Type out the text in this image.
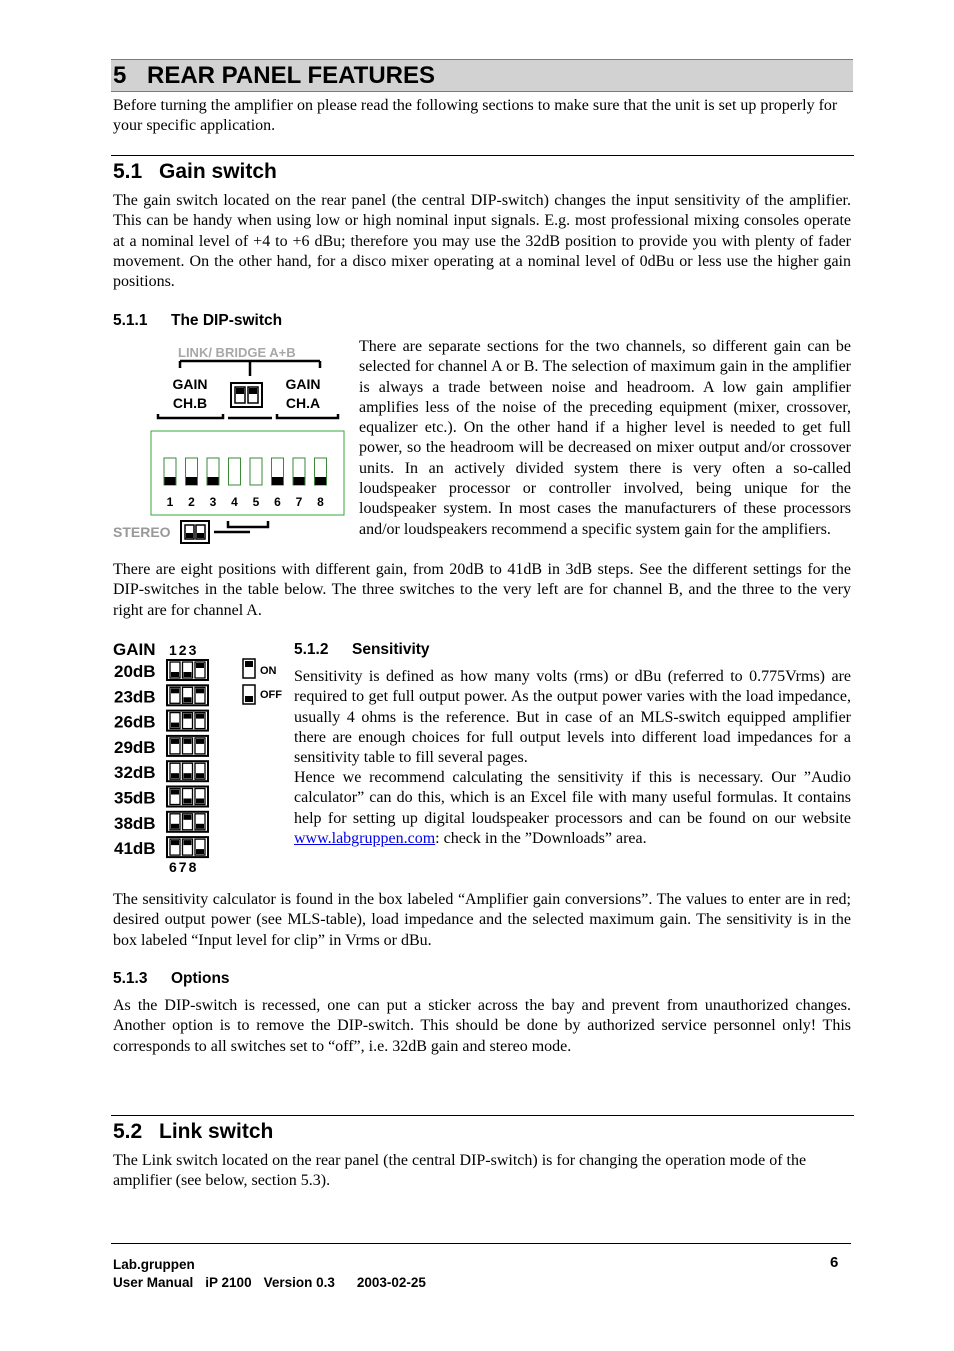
5 REAR PANEL FEATURES

Before turning the amplifier on please read the following sections to make sure that the unit is set up properly for your specific application.

5.1 Gain switch

The gain switch located on the rear panel (the central DIP-switch) changes the input sensitivity of the amplifier. This can be handy when using low or high nominal input signals. E.g. most professional mixing consoles operate at a nominal level of +4 to +6 dBu; therefore you may use the 32dB position to provide you with plenty of fader movement. On the other hand, for a disco mixer operating at a nominal level of 0dBu or less use the higher gain positions.

5.1.1 The DIP-switch
LINK/ BRIDGE A+B
GAIN
CH.B
GAIN
CH.A
1 2 3 4 5 6 7 8
STEREO

There are separate sections for the two channels, so different gain can be selected for channel A or B. The selection of maximum gain in the amplifier is always a trade between noise and headroom. A low gain amplifier amplifies less of the noise of the preceding equipment (mixer, crossover, equalizer etc.). On the other hand if a higher level is needed to get full power, so the headroom will be decreased on mixer output and/or crossover units. In an actively divided system there is very often a so-called loudspeaker processor or controller involved, being unique for the loudspeaker system. In most cases the manufacturers of these processors and/or loudspeakers recommend a specific system gain for the amplifiers.

There are eight positions with different gain, from 20dB to 41dB in 3dB steps. See the different settings for the DIP-switches in the table below. The three switches to the very left are for channel B, and the three to the very right are for channel A.

GAIN 123
20dB
23dB
26dB
29dB
32dB
35dB
38dB
41dB
678
ON
OFF
5.1.2 Sensitivity

Sensitivity is defined as how many volts (rms) or dBu (referred to 0.775Vrms) are required to get full output power. As the output power varies with the load impedance, usually 4 ohms is the reference. But in case of an MLS-switch equipped amplifier there are enough choices for full output levels into different load impedances for a sensitivity table to fill several pages.

Hence we recommend calculating the sensitivity if this is necessary. Our ”Audio calculator” can do this, which is an Excel file with many useful formulas. It contains help for setting up digital loudspeaker processors and can be found on our website www.labgruppen.com: check in the ”Downloads” area.

The sensitivity calculator is found in the box labeled “Amplifier gain conversions”. The values to enter are in red; desired output power (see MLS-table), load impedance and the selected maximum gain. The sensitivity is in the box labeled “Input level for clip” in Vrms or dBu.

5.1.3 Options

As the DIP-switch is recessed, one can put a sticker across the bay and prevent from unauthorized changes. Another option is to remove the DIP-switch. This should be done by authorized service personnel only! This corresponds to all switches set to “off”, i.e. 32dB gain and stereo mode.

5.2 Link switch

The Link switch located on the rear panel (the central DIP-switch) is for changing the operation mode of the amplifier (see below, section 5.3).

Lab.gruppen
User Manual iP 2100 Version 0.3 2003-02-25
6
